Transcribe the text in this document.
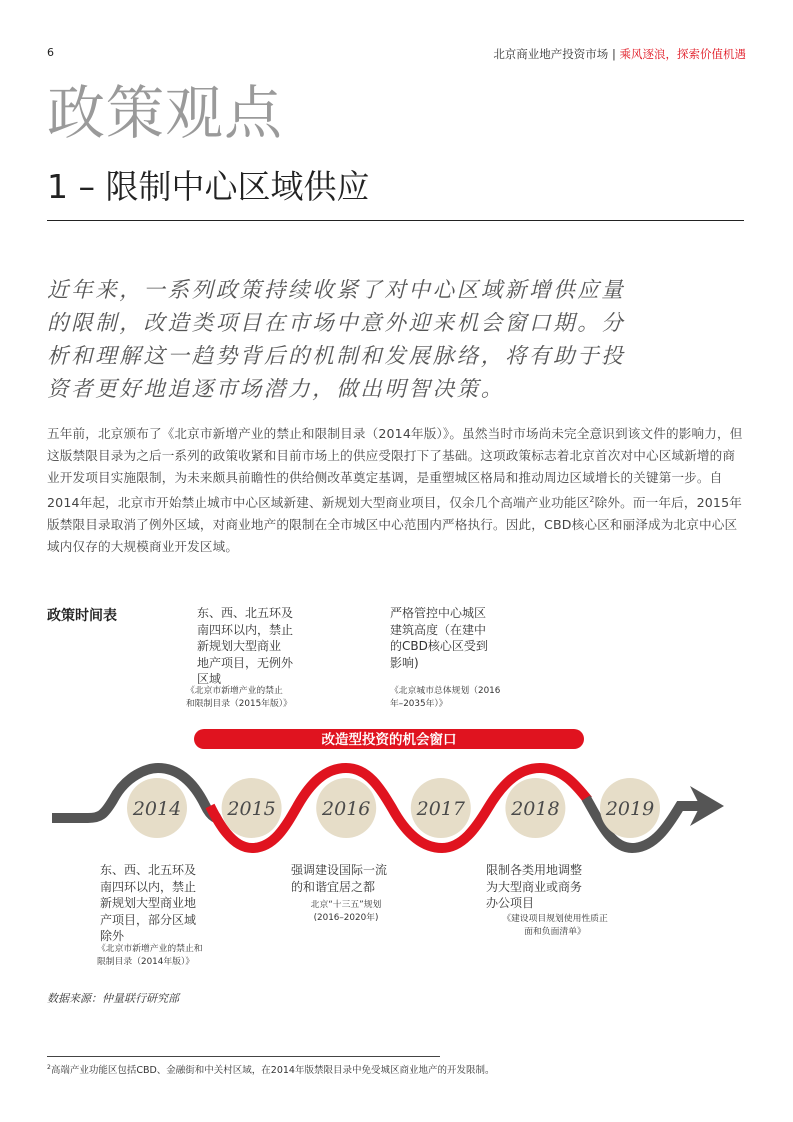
6	北京商业地产投资市场 | 乘风逐浪，探索价值机遇
政策观点
1 – 限制中心区域供应
近年来，一系列政策持续收紧了对中心区域新增供应量的限制，改造类项目在市场中意外迎来机会窗口期。分析和理解这一趋势背后的机制和发展脉络，将有助于投资者更好地追逐市场潜力，做出明智决策。
五年前，北京颁布了《北京市新增产业的禁止和限制目录（2014年版）》。虽然当时市场尚未完全意识到该文件的影响力，但这版禁限目录为之后一系列的政策收紧和目前市场上的供应受限打下了基础。这项政策标志着北京首次对中心区域新增的商业开发项目实施限制，为未来颇具前瞻性的供给侧改革奠定基调，是重塑城区格局和推动周边区域增长的关键第一步。自2014年起，北京市开始禁止城市中心区域新建、新规划大型商业项目，仅余几个高端产业功能区$^2$除外。而一年后，2015年版禁限目录取消了例外区域，对商业地产的限制在全市城区中心范围内严格执行。因此，CBD核心区和丽泽成为北京中心区域内仅存的大规模商业开发区域。
政策时间表
改造型投资的机会窗口
2014 2015 2016 2017 2018 2019
东、西、北五环及
南四环以内，禁止
新规划大型商业
地产项目，无例外
区域
《北京市新增产业的禁止
和限制目录（2015年版）》
严格管控中心城区
建筑高度（在建中
的CBD核心区受到
影响)
《北京城市总体规划（2016
年–2035年）》
东、西、北五环及
南四环以内，禁止
新规划大型商业地
产项目，部分区域
除外
《北京市新增产业的禁止和
限制目录（2014年版）》
强调建设国际一流
的和谐宜居之都
北京“十三五”规划
(2016–2020年)
限制各类用地调整
为大型商业或商务
办公项目
《建设项目规划使用性质正
面和负面清单》
数据来源：仲量联行研究部
$^2$高端产业功能区包括CBD、金融街和中关村区域，在2014年版禁限目录中免受城区商业地产的开发限制。
